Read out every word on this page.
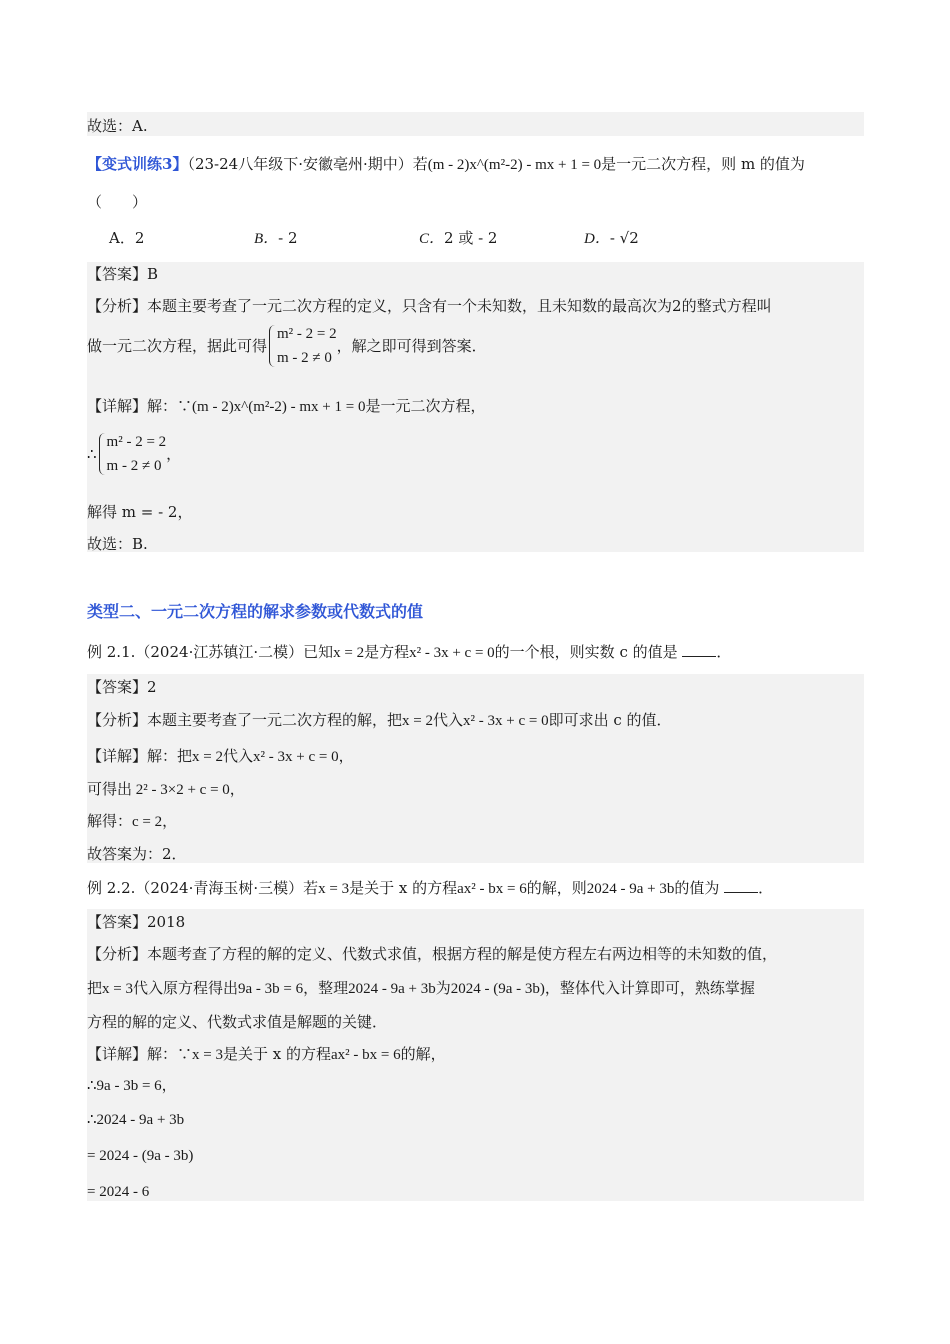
故选：A.
【变式训练3】（23-24八年级下·安徽亳州·期中）若(m - 2)x^(m²-2) - mx + 1 = 0是一元二次方程，则 m 的值为
（　　）
A．2	B．- 2	C．2 或 - 2	D．- √2
【答案】B
【分析】本题主要考查了一元二次方程的定义，只含有一个未知数，且未知数的最高次为2的整式方程叫
做一元二次方程，据此可得
m² - 2 = 2
m - 2 ≠ 0
，解之即可得到答案．
【详解】解：∵(m - 2)x^(m²-2) - mx + 1 = 0是一元二次方程，
∴
m² - 2 = 2
m - 2 ≠ 0
，
解得 m = - 2，
故选：B.
类型二、一元二次方程的解求参数或代数式的值
例 2.1.（2024·江苏镇江·二模）已知x = 2是方程x² - 3x + c = 0的一个根，则实数 c 的值是	．
【答案】2
【分析】本题主要考查了一元二次方程的解，把x = 2代入x² - 3x + c = 0即可求出 c 的值．
【详解】解：把x = 2代入x² - 3x + c = 0，
可得出 2² - 3×2 + c = 0，
解得：c = 2，
故答案为：2．
例 2.2.（2024·青海玉树·三模）若x = 3是关于 x 的方程ax² - bx = 6的解，则2024 - 9a + 3b的值为	．
【答案】2018
【分析】本题考查了方程的解的定义、代数式求值，根据方程的解是使方程左右两边相等的未知数的值，
把x = 3代入原方程得出9a - 3b = 6，整理2024 - 9a + 3b为2024 - (9a - 3b)，整体代入计算即可，熟练掌握
方程的解的定义、代数式求值是解题的关键．
【详解】解：∵x = 3是关于 x 的方程ax² - bx = 6的解，
∴9a - 3b = 6，
∴2024 - 9a + 3b
= 2024 - (9a - 3b)
= 2024 - 6
